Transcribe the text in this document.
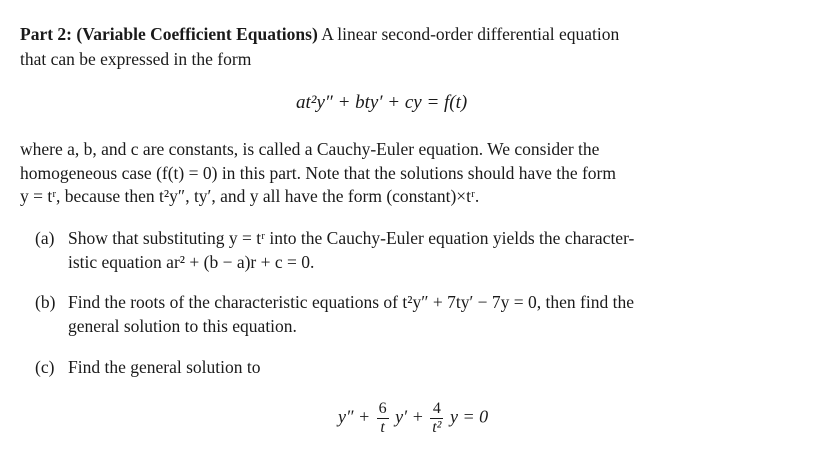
Part 2: (Variable Coefficient Equations) A linear second-order differential equation
that can be expressed in the form
at²y″ + bty′ + cy = f(t)
where a, b, and c are constants, is called a Cauchy-Euler equation. We consider the
homogeneous case (f(t) = 0) in this part. Note that the solutions should have the form
y = tʳ, because then t²y″, ty′, and y all have the form (constant)×tʳ.
(a) Show that substituting y = tʳ into the Cauchy-Euler equation yields the character-
istic equation ar² + (b − a)r + c = 0.
(b) Find the roots of the characteristic equations of t²y″ + 7ty′ − 7y = 0, then find the
general solution to this equation.
(c) Find the general solution to
$y'' + \frac{6}{t} y' + \frac{4}{\text{t²}}$ y = 0
